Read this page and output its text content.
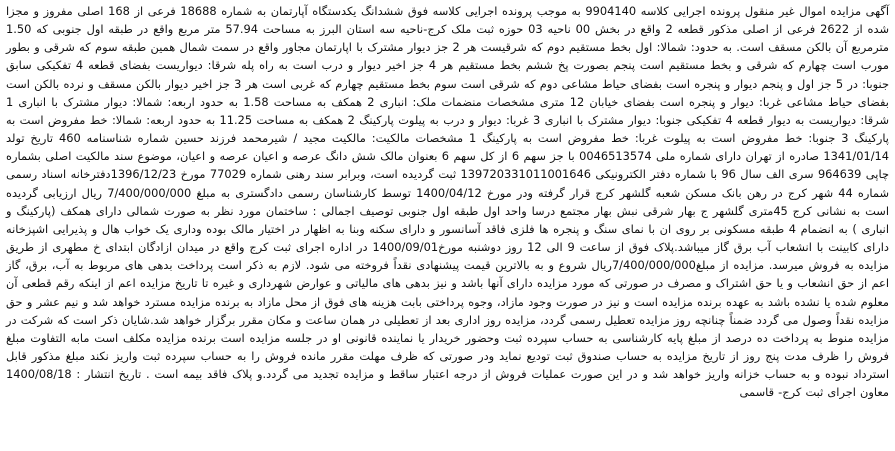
آگهی مزایده اموال غیر منقول پرونده اجرایی کلاسه 9904140 به موجب پرونده اجرایی کلاسه فوق ششدانگ یکدستگاه آپارتمان به شماره 18688 فرعی از 168 اصلی مفروز و مجزا شده از 2622 فرعی از اصلی مذکور قطعه 2 واقع در بخش 00 ناحیه 03 حوزه ثبت ملک کرج-ناحیه سه استان البرز به مساحت 57.94 متر مربع واقع در طبقه اول جنوبی که 1.50 مترمربع آن بالکن مسقف است. به حدود: شمالا: اول بخط مستقیم دوم که شرقیست هر 2 جز دیوار مشترک با اپارتمان مجاور واقع در سمت شمال همین طبقه سوم که شرقی و بطور مورب است چهارم که شرقی و بخط مستقیم است پنجم بصورت پخ ششم بخط مستقیم هر 4 جز اخیر دیوار و درب است به راه پله شرقا: دیواریست بفضای قطعه 4 تفکیکی سابق جنوبا: در 5 جز اول و پنجم دیوار و پنجره است بفضای حیاط مشاعی دوم که شرقی است سوم بخط مستقیم چهارم که غربی است هر 3 جز اخیر دیوار بالکن مسقف و نرده بالکن است بفضای حیاط مشاعی غربا: دیوار و پنجره است بفضای خیابان 12 متری مشخصات منضمات ملک: انباری 2 همکف به مساحت 1.58 به حدود اربعه: شمالا: دیوار مشترک با انباری 1 شرقا: دیواریست به دیوار قطعه 4 تفکیکی جنوبا: دیوار مشترک با انباری 3 غربا: دیوار و درب به پیلوت پارکینگ 2 همکف به مساحت 11.25 به حدود اربعه: شمالا: خط مفروض است به پارکینگ 3 جنوبا: خط مفروض است به پیلوت غربا: خط مفروض است به پارکینگ 1 مشخصات مالکیت: مالکیت مجید / شیرمحمد فرزند حسین شماره شناسنامه 460 تاریخ تولد 1341/01/14 صادره از تهران دارای شماره ملی 0046513574 با جز سهم 6 از کل سهم 6 بعنوان مالک شش دانگ عرصه و اعیان عرصه و اعیان، موضوع سند مالکیت اصلی بشماره چاپی 964639 سری الف سال 96 با شماره دفتر الکترونیکی 139720331011001646 ثبت گردیده است، وبرابر سند رهنی شماره 77029 مورخ 1396/12/23دفترخانه اسناد رسمی شماره 44 شهر کرج در رهن بانک مسکن شعبه گلشهر کرج قرار گرفته ودر مورخ 1400/04/12 توسط کارشناسان رسمی دادگستری به مبلغ 7/400/000/000 ریال ارزیابی گردیده است به نشانی کرج 45متری گلشهر ج بهار شرقی نبش بهار مجتمع درسا واحد اول طبقه اول جنوبی توصیف اجمالی : ساختمان مورد نظر به صورت شمالی دارای همکف (پارکینگ و انباری ) به انضمام 4 طبقه مسکونی بر روی ان با نمای سنگ و پنجره ها فلزی فاقد آسانسور و دارای سکنه وبنا به اظهار در اختیار مالک بوده وداری یک خواب هال و پذیرایی اشپزخانه دارای کابینت با انشعاب آب برق گاز میباشد.پلاک فوق از ساعت 9 الی 12 روز دوشنبه مورخ1400/09/01 در اداره اجرای ثبت کرج واقع در میدان ازادگان ابتدای خ مطهری از طریق مزایده به فروش میرسد. مزایده از مبلغ7/400/000/000ریال شروع و به بالاترین قیمت پیشنهادی نقداً فروخته می شود. لازم به ذکر است پرداخت بدهی های مربوط به آب، برق، گاز اعم از حق انشعاب و یا حق اشتراک و مصرف در صورتی که مورد مزایده دارای آنها باشد و نیز بدهی های مالیاتی و عوارض شهرداری و غیره تا تاریخ مزایده اعم از اینکه رقم قطعی آن معلوم شده یا نشده باشد به عهده برنده مزایده است و نیز در صورت وجود مازاد، وجوه پرداختی بابت هزینه های فوق از محل مازاد به برنده مزایده مسترد خواهد شد و نیم عشر و حق مزایده نقداً وصول می گردد ضمناً چنانچه روز مزایده تعطیل رسمی گردد، مزایده روز اداری بعد از تعطیلی در همان ساعت و مکان مقرر برگزار خواهد شد.شایان ذکر است که شرکت در مزایده منوط به پرداخت ده درصد از مبلغ پایه کارشناسی به حساب سپرده ثبت وحضور خریدار یا نماینده قانونی او در جلسه مزایده است برنده مزایده مکلف است مابه التفاوت مبلغ فروش را ظرف مدت پنج روز از تاریخ مزایده به حساب صندوق ثبت تودیع نماید ودر صورتی که ظرف مهلت مقرر مانده فروش را به حساب سپرده ثبت واریز نکند مبلغ مذکور قابل استرداد نبوده و به حساب خزانه واریز خواهد شد و در این صورت عملیات فروش از درجه اعتبار ساقط و مزایده تجدید می گردد.و پلاک فاقد بیمه است . تاریخ انتشار : 1400/08/18 معاون اجرای ثبت کرج- قاسمی
